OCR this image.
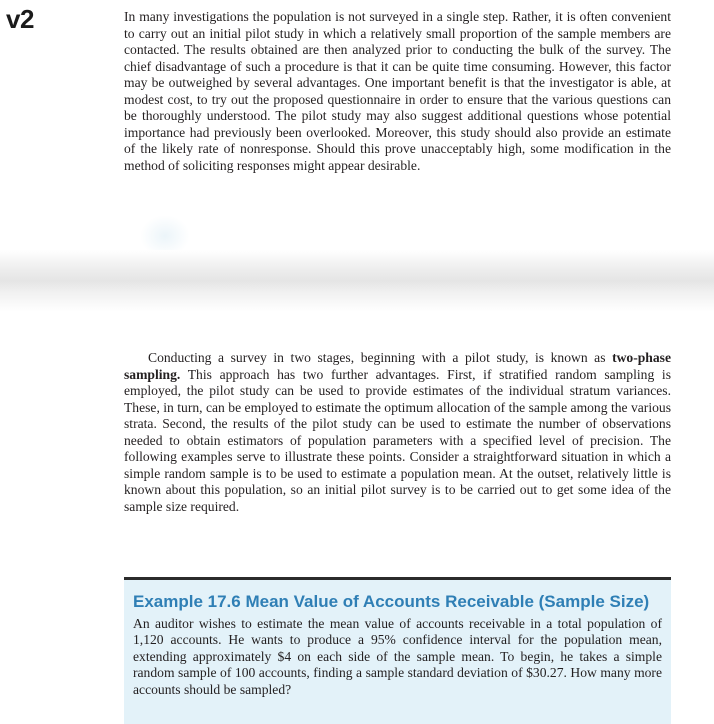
v2	In many investigations the population is not surveyed in a single step. Rather, it is often convenient to carry out an initial pilot study in which a relatively small proportion of the sample members are contacted. The results obtained are then analyzed prior to conducting the bulk of the survey. The chief disadvantage of such a procedure is that it can be quite time consuming. However, this factor may be outweighed by several advantages. One important benefit is that the investigator is able, at modest cost, to try out the proposed questionnaire in order to ensure that the various questions can be thoroughly understood. The pilot study may also suggest additional questions whose potential importance had previously been overlooked. Moreover, this study should also provide an estimate of the likely rate of nonresponse. Should this prove unacceptably high, some modification in the method of soliciting responses might appear desirable.

Conducting a survey in two stages, beginning with a pilot study, is known as two-phase sampling. This approach has two further advantages. First, if stratified random sampling is employed, the pilot study can be used to provide estimates of the individual stratum variances. These, in turn, can be employed to estimate the optimum allocation of the sample among the various strata. Second, the results of the pilot study can be used to estimate the number of observations needed to obtain estimators of population parameters with a specified level of precision. The following examples serve to illustrate these points. Consider a straightforward situation in which a simple random sample is to be used to estimate a population mean. At the outset, relatively little is known about this population, so an initial pilot survey is to be carried out to get some idea of the sample size required.

Example 17.6 Mean Value of Accounts Receivable (Sample Size)

An auditor wishes to estimate the mean value of accounts receivable in a total population of 1,120 accounts. He wants to produce a 95% confidence interval for the population mean, extending approximately $4 on each side of the sample mean. To begin, he takes a simple random sample of 100 accounts, finding a sample standard deviation of $30.27. How many more accounts should be sampled?
